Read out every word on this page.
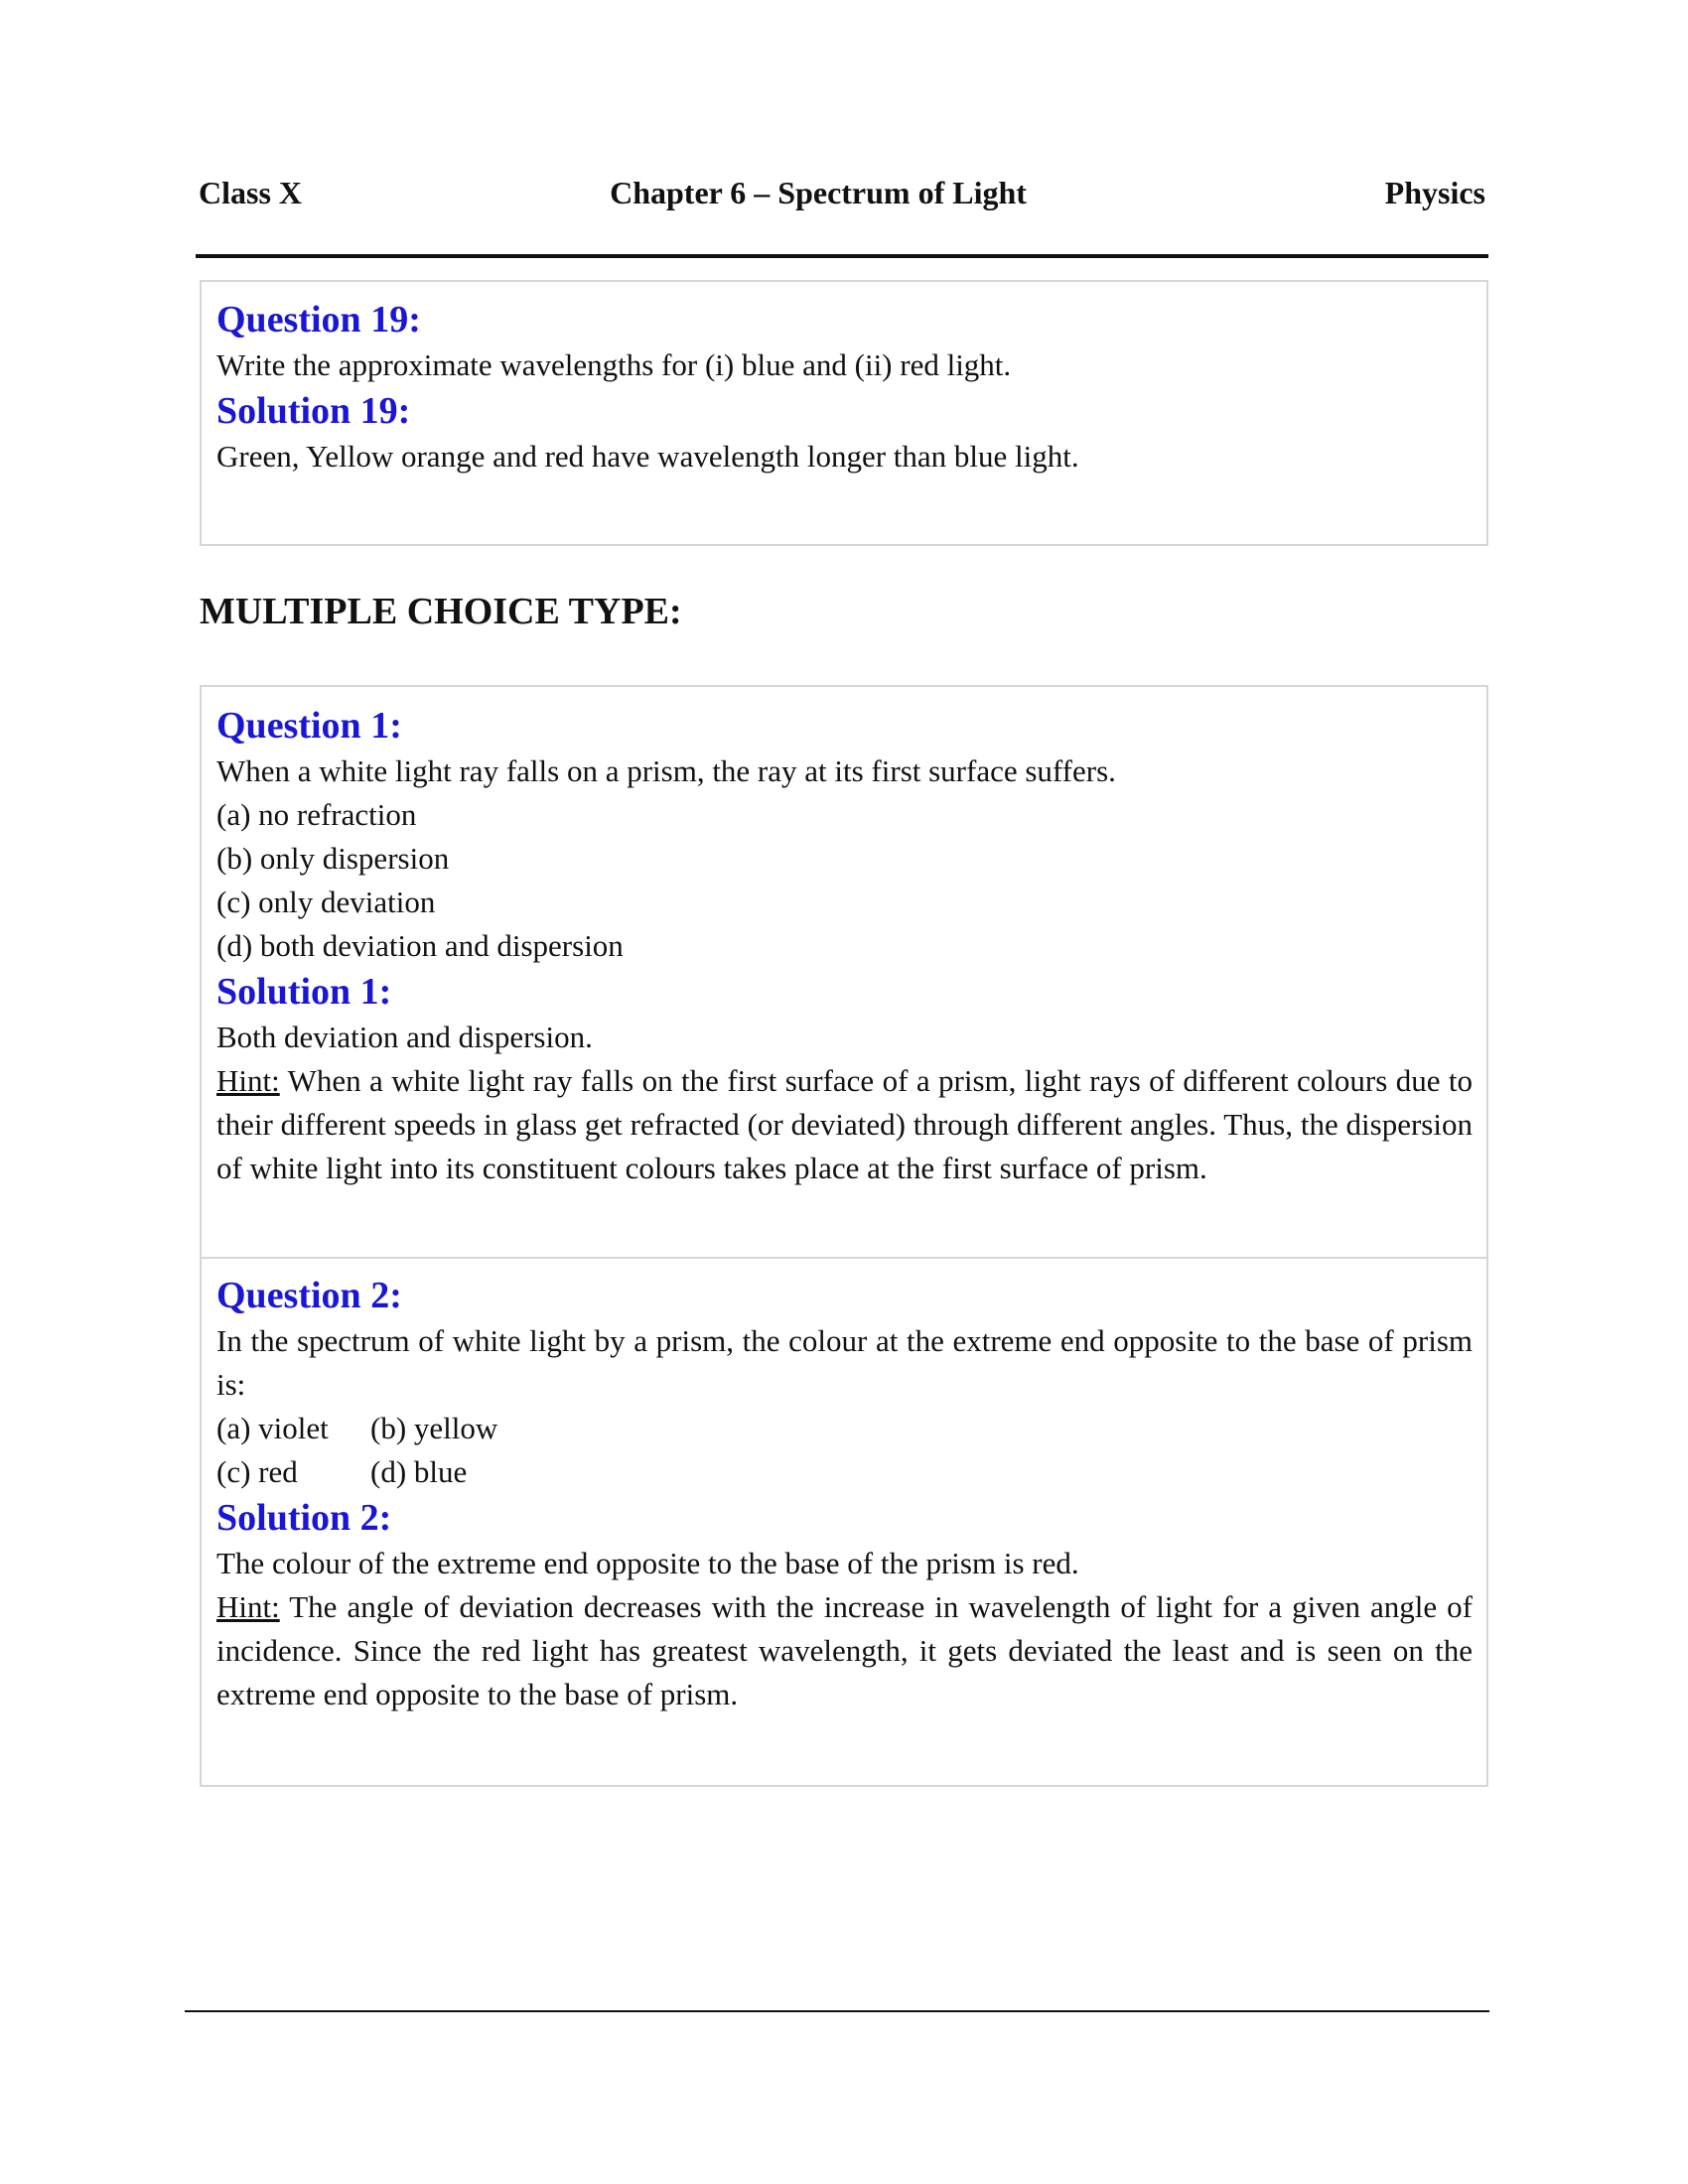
Class X	Chapter 6 – Spectrum of Light	Physics
Question 19:
Write the approximate wavelengths for (i) blue and (ii) red light.
Solution 19:
Green, Yellow orange and red have wavelength longer than blue light.
MULTIPLE CHOICE TYPE:
Question 1:
When a white light ray falls on a prism, the ray at its first surface suffers.
(a) no refraction
(b) only dispersion
(c) only deviation
(d) both deviation and dispersion
Solution 1:
Both deviation and dispersion.
Hint: When a white light ray falls on the first surface of a prism, light rays of different colours due to their different speeds in glass get refracted (or deviated) through different angles. Thus, the dispersion of white light into its constituent colours takes place at the first surface of prism.
Question 2:
In the spectrum of white light by a prism, the colour at the extreme end opposite to the base of prism is:
(a) violet (b) yellow
(c) red (d) blue
Solution 2:
The colour of the extreme end opposite to the base of the prism is red.
Hint: The angle of deviation decreases with the increase in wavelength of light for a given angle of incidence. Since the red light has greatest wavelength, it gets deviated the least and is seen on the extreme end opposite to the base of prism.
